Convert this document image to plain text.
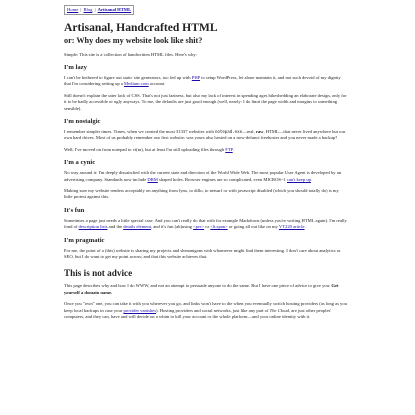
Home | Blog | Artisanal HTML
Artisanal, Handcrafted HTML
or: Why does my website look like shit?

Simple: This site is a collection of handwritten HTML files. Here's why:

I'm lazy

I can't be bothered to figure out static site generators, too fed up with PHP to setup WordPress, let alone maintain it, and not such devoid of my dignity that I'm considering setting up a Medium.com account.

Still doesn't explain the utter lack of CSS. That's not just laziness, but also my lack of interest in spending ages bikeshedding an elaborate design, only for it to be badly accessible or ugly anyways. To me, the defaults are just good enough (well, nearly: I do limit the page width and margins to something sensible).

I'm nostalgic

I remember simpler times. Times, when we created the most 31337 websites with notepad.exe—real, raw, HTML—that never lived anywhere but our own hard drives. Most of us probably remember our first website: was yours also hosted on a now-defunct freehoster and you never made a backup?

Well, I've moved on from notepad to vi(m), but at least I'm still uploading files through FTP.

I'm a cynic

No way around it: I'm deeply dissatisfied with the current state and direction of the World Wide Web. The most popular User Agent is developed by an advertising company. Standards now include DRM shaped holes. Browser engines are so complicated, even MICROS~1 can't keep up.

Making sure my website renders acceptably on anything from lynx, to dillo, to netsurf or with javascript disabled (which you should totally do) is my little protest against this.

It's fun

Sometimes a page just needs a little special case. And you can't really do that with for example Markdown (unless you're writing HTML again). I'm really fond of description lists and the details element, and it's fun (ab)using <pre> or <lt;span> or going all out like on my VT220 article.

I'm pragmatic

For me, the point of a (this) website is sharing my projects and shenanigans with whomever might find them interesting. I don't care about analytics or SEO, but I do want to get my point across; and that this website achieves that.

This is not advice

This page describes why and how I do WWW, and not an attempt to persuade anyone to do the same. But I have one piece of advice to give you: Get yourself a domain name.

Once you "own" one, you can take it with you wherever you go, and links won't have to die when you eventually switch hosting providers (as long as you keep local backups in case your provider vanishes). Hosting providers and social networks, just like any part of The Cloud, are just other peoples' computers, and they can, have and will decide on a whim to kill your account or the whole platform—and your online identity with it.
